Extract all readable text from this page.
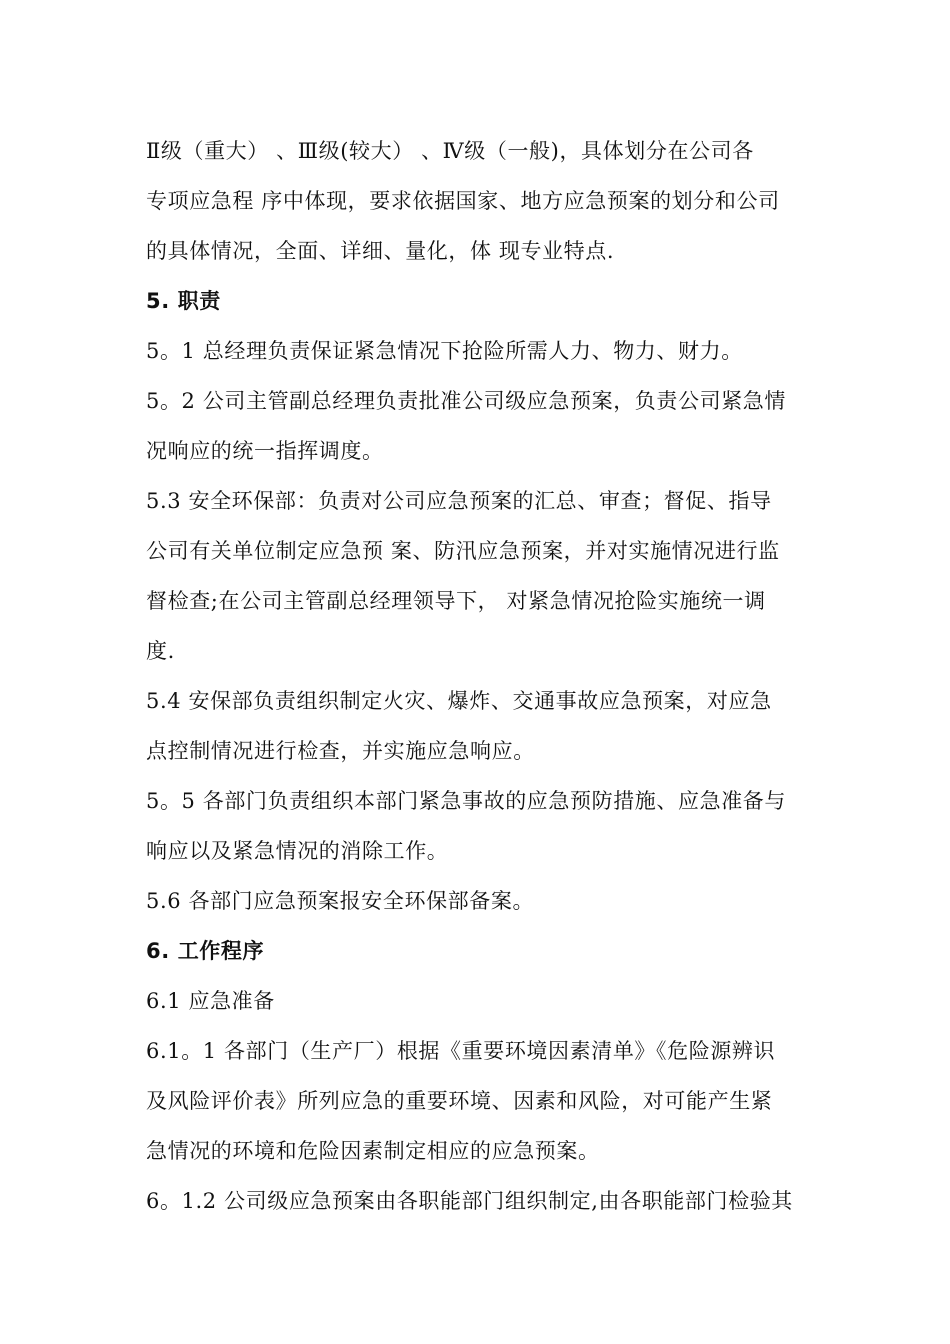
Ⅱ级（重大） 、Ⅲ级(较大） 、Ⅳ级（一般)，具体划分在公司各
专项应急程 序中体现，要求依据国家、地方应急预案的划分和公司
的具体情况，全面、详细、量化，体 现专业特点.
5. 职责
5。1 总经理负责保证紧急情况下抢险所需人力、物力、财力。
5。2 公司主管副总经理负责批准公司级应急预案，负责公司紧急情
况响应的统一指挥调度。
5.3 安全环保部：负责对公司应急预案的汇总、审查；督促、指导
公司有关单位制定应急预 案、防汛应急预案，并对实施情况进行监
督检查;在公司主管副总经理领导下， 对紧急情况抢险实施统一调
度.
5.4 安保部负责组织制定火灾、爆炸、交通事故应急预案，对应急
点控制情况进行检查，并实施应急响应。
5。5 各部门负责组织本部门紧急事故的应急预防措施、应急准备与
响应以及紧急情况的消除工作。
5.6 各部门应急预案报安全环保部备案。
6. 工作程序
6.1 应急准备
6.1。1 各部门（生产厂）根据《重要环境因素清单》《危险源辨识
及风险评价表》所列应急的重要环境、因素和风险，对可能产生紧
急情况的环境和危险因素制定相应的应急预案。
6。1.2 公司级应急预案由各职能部门组织制定,由各职能部门检验其
